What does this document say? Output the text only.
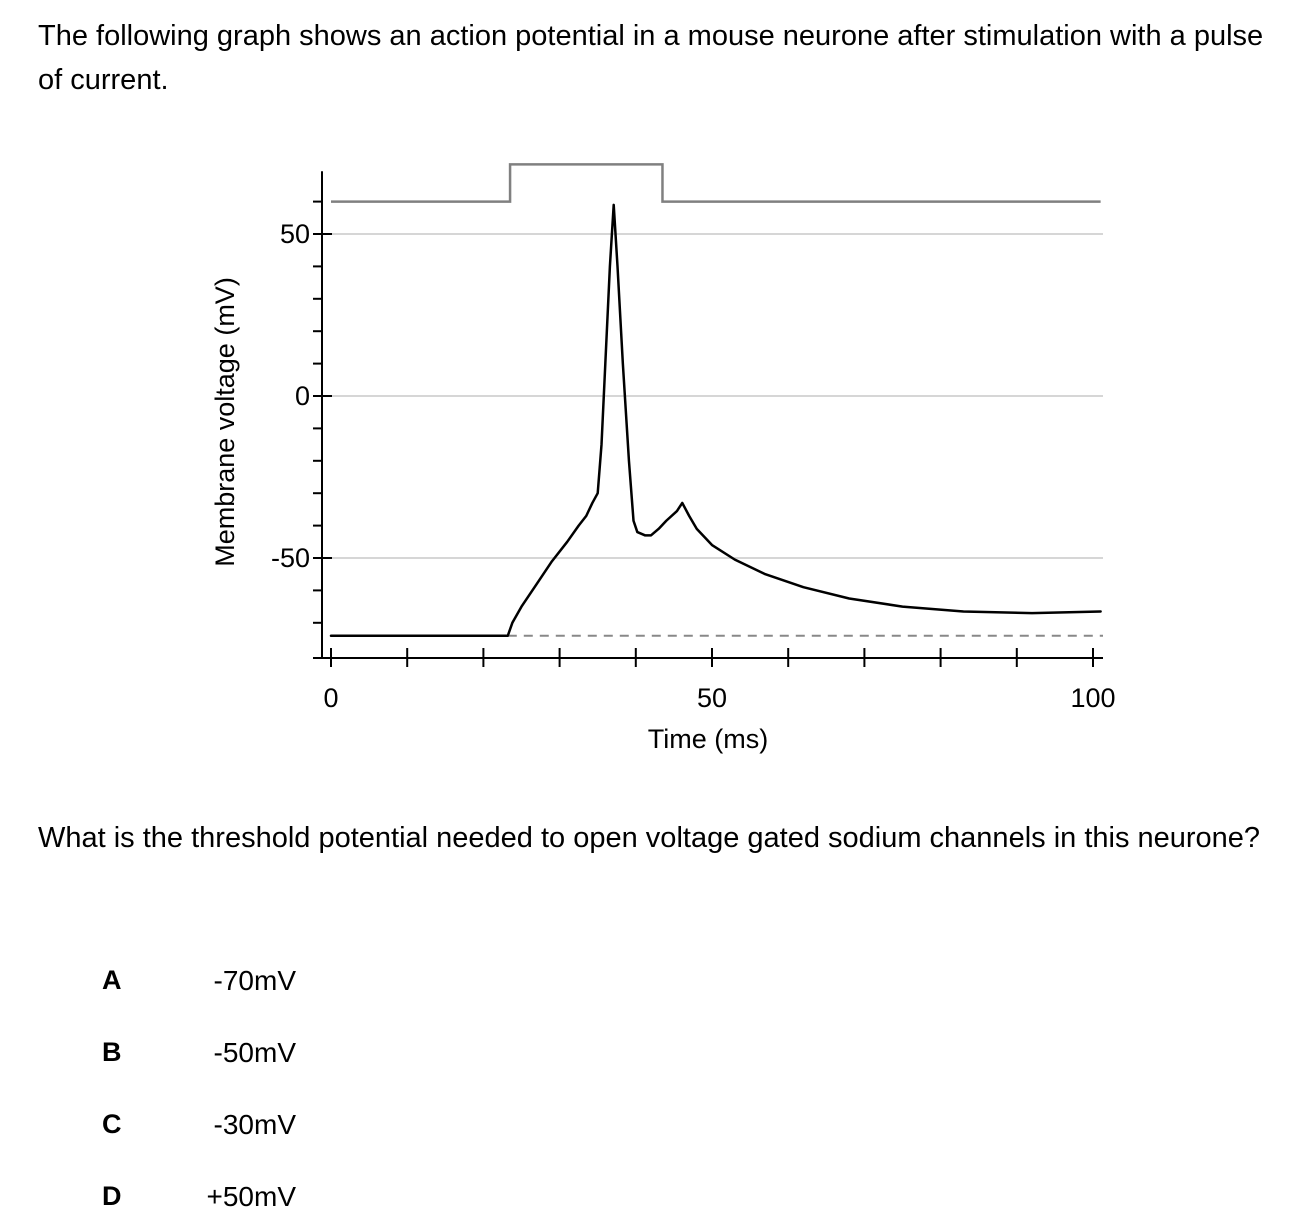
The following graph shows an action potential in a mouse neurone after stimulation with a pulse of current.
50
0
-50
0	50	100
Time (ms)
Membrane voltage (mV)
What is the threshold potential needed to open voltage gated sodium channels in this neurone?
A	-70mV
B	-50mV
C	-30mV
D	+50mV
